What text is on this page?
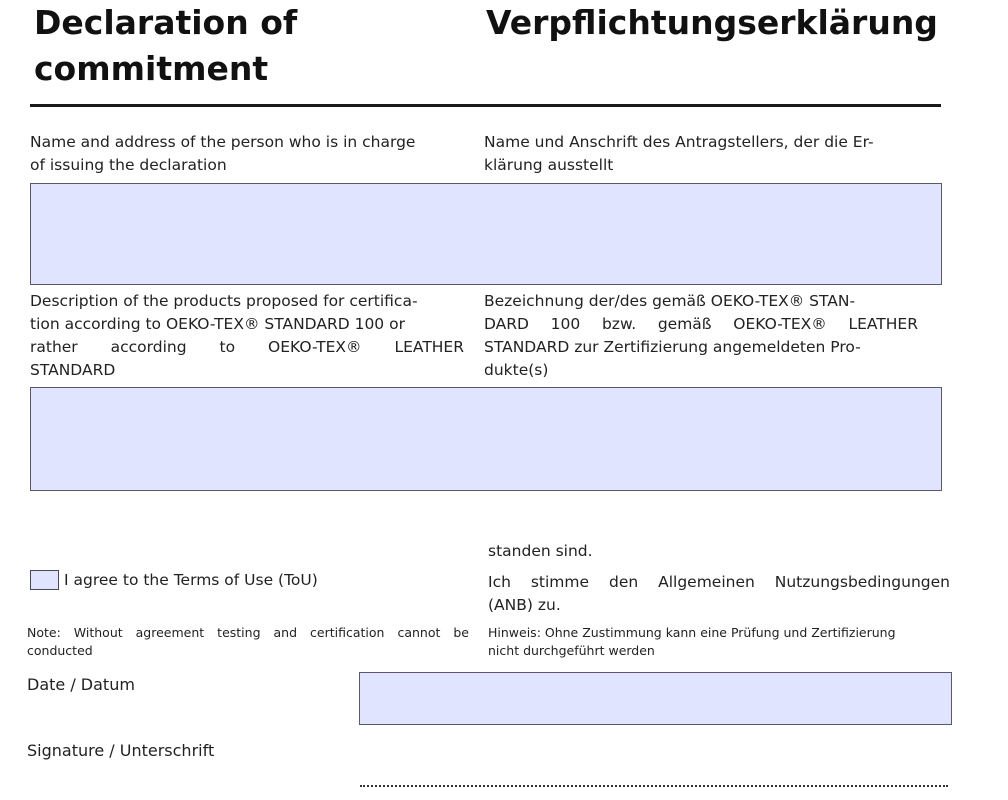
Declaration of
commitment
Verpflichtungserklärung
Name and address of the person who is in charge
of issuing the declaration
Name und Anschrift des Antragstellers, der die Er-
klärung ausstellt
Description of the products proposed for certifica-
tion according to OEKO-TEX® STANDARD 100 or
rather according to OEKO-TEX® LEATHER
STANDARD
Bezeichnung der/des gemäß OEKO-TEX® STAN-
DARD 100 bzw. gemäß OEKO-TEX® LEATHER
STANDARD zur Zertifizierung angemeldeten Pro-
dukte(s)
standen sind.
I agree to the Terms of Use (ToU)	Ich stimme den Allgemeinen Nutzungsbedingungen
(ANB) zu.
Note: Without agreement testing and certification cannot be
conducted
Hinweis: Ohne Zustimmung kann eine Prüfung und Zertifizierung
nicht durchgeführt werden
Date / Datum
Signature / Unterschrift
